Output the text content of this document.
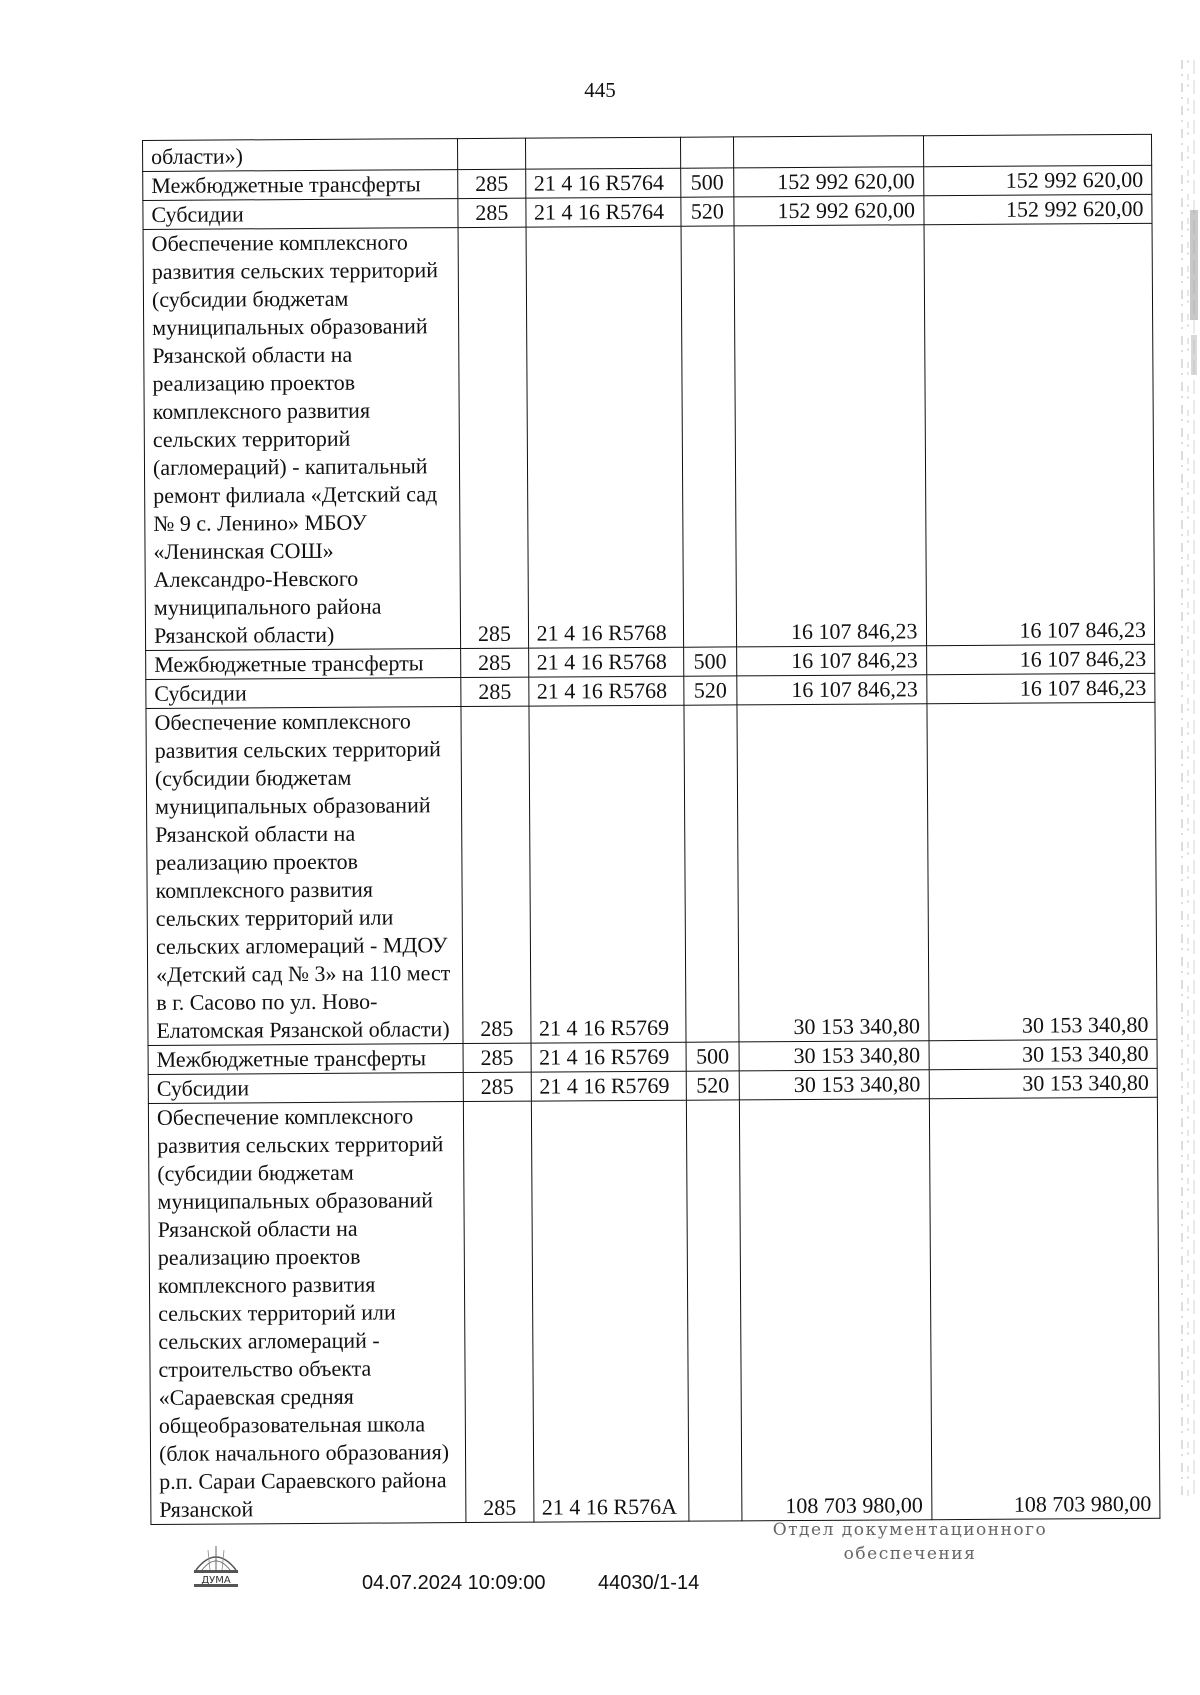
445
области»)					
Межбюджетные трансферты	285	21 4 16 R5764	500	152 992 620,00	152 992 620,00
Субсидии	285	21 4 16 R5764	520	152 992 620,00	152 992 620,00
Обеспечение комплексного развития сельских территорий (субсидии бюджетам муниципальных образований Рязанской области на реализацию проектов комплексного развития сельских территорий (агломераций) - капитальный ремонт филиала «Детский сад № 9 с. Ленино» МБОУ «Ленинская СОШ» Александро-Невского муниципального района Рязанской области)	285	21 4 16 R5768		16 107 846,23	16 107 846,23
Межбюджетные трансферты	285	21 4 16 R5768	500	16 107 846,23	16 107 846,23
Субсидии	285	21 4 16 R5768	520	16 107 846,23	16 107 846,23
Обеспечение комплексного развития сельских территорий (субсидии бюджетам муниципальных образований Рязанской области на реализацию проектов комплексного развития сельских территорий или сельских агломераций - МДОУ «Детский сад № 3» на 110 мест в г. Сасово по ул. Ново-Елатомская Рязанской области)	285	21 4 16 R5769		30 153 340,80	30 153 340,80
Межбюджетные трансферты	285	21 4 16 R5769	500	30 153 340,80	30 153 340,80
Субсидии	285	21 4 16 R5769	520	30 153 340,80	30 153 340,80
Обеспечение комплексного развития сельских территорий (субсидии бюджетам муниципальных образований Рязанской области на реализацию проектов комплексного развития сельских территорий или сельских агломераций - строительство объекта «Сараевская средняя общеобразовательная школа (блок начального образования) р.п. Сараи Сараевского района Рязанской	285	21 4 16 R576А		108 703 980,00	108 703 980,00
ДУМА	04.07.2024 10:09:00	44030/1-14
Отдел документационного
обеспечения
